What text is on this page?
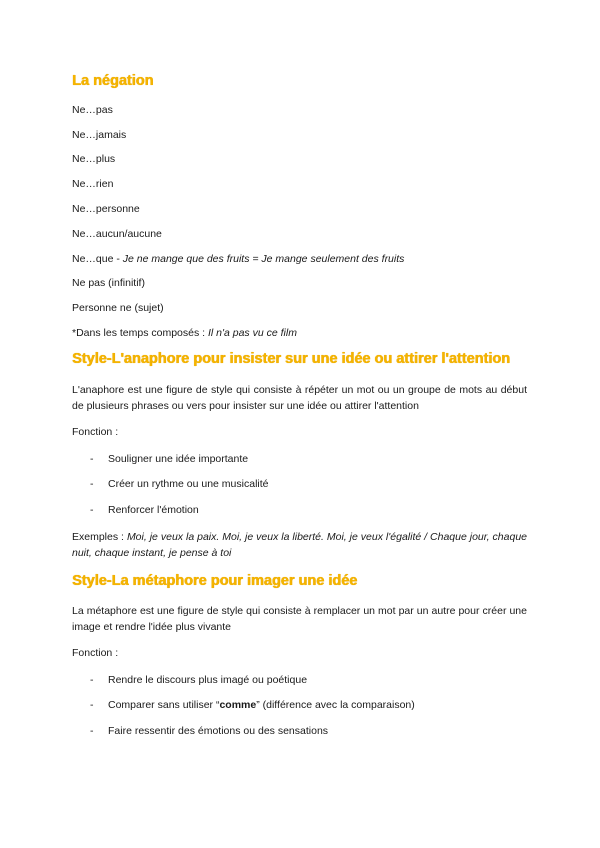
La négation
Ne…pas
Ne…jamais
Ne…plus
Ne…rien
Ne…personne
Ne…aucun/aucune
Ne…que - Je ne mange que des fruits = Je mange seulement des fruits
Ne pas (infinitif)
Personne ne (sujet)
*Dans les temps composés : Il n'a pas vu ce film
Style-L'anaphore pour insister sur une idée ou attirer l'attention
L'anaphore est une figure de style qui consiste à répéter un mot ou un groupe de mots au début de plusieurs phrases ou vers pour insister sur une idée ou attirer l'attention
Fonction :
- Souligner une idée importante
- Créer un rythme ou une musicalité
- Renforcer l'émotion
Exemples : Moi, je veux la paix. Moi, je veux la liberté. Moi, je veux l'égalité / Chaque jour, chaque nuit, chaque instant, je pense à toi
Style-La métaphore pour imager une idée
La métaphore est une figure de style qui consiste à remplacer un mot par un autre pour créer une image et rendre l'idée plus vivante
Fonction :
- Rendre le discours plus imagé ou poétique
- Comparer sans utiliser “comme” (différence avec la comparaison)
- Faire ressentir des émotions ou des sensations
